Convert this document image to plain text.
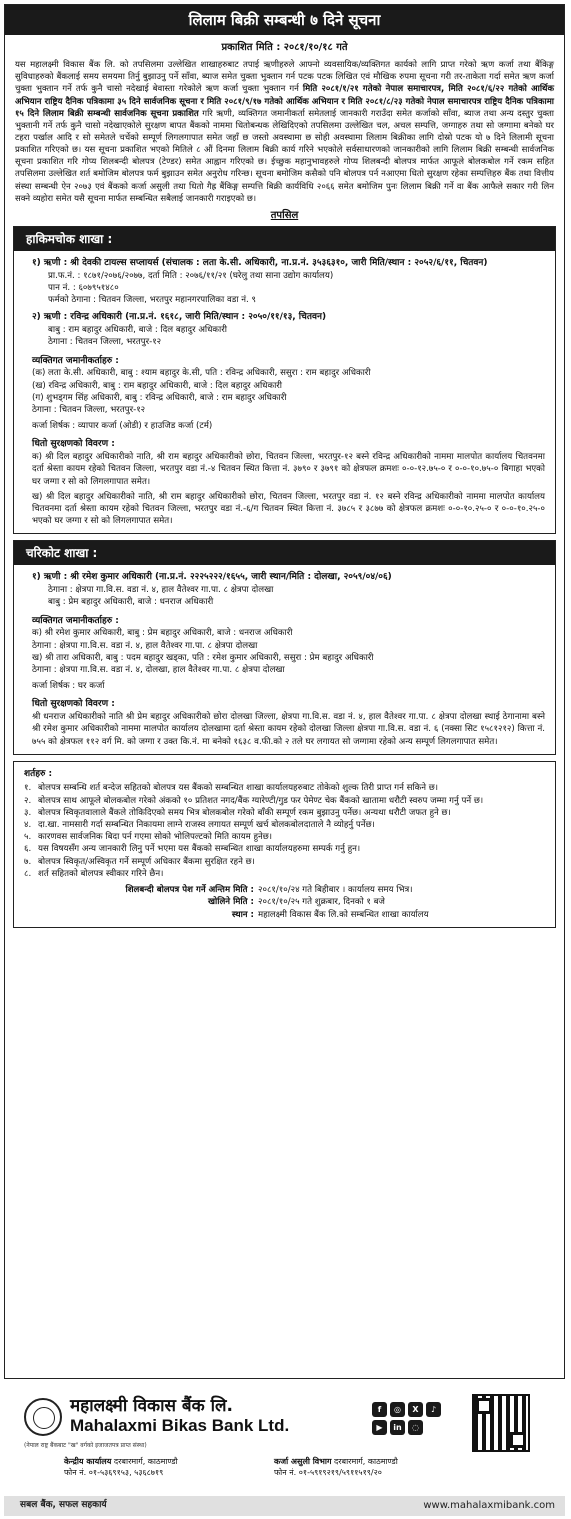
लिलाम बिक्री सम्बन्धी ७ दिने सूचना
प्रकाशित मिति : २०८१/१०/१८ गते
यस महालक्ष्मी विकास बैंक लि. को तपसिलमा उल्लेखित शाखाहरुबाट तपाई ऋणीहरुले आफ्नो व्यवसायिक/व्यक्तिगत कार्यको लागि प्राप्त गरेको ऋण कर्जा तथा बैंकिङ्ग सुविधाहरुको बैंकलाई समय समयमा तिर्नु बुझाउनु पर्ने साँवा, ब्याज समेत चुक्ता भुक्तान गर्न पटक पटक लिखित एवं मौखिक रुपमा सूचना गरी तर-ताकेता गर्दा समेत ऋण कर्जा चुक्ता भुक्तान गर्ने तर्फ कुनै चासो नदेखाई बेवास्ता गरेकोले ऋण कर्जा चुक्ता भुक्तान गर्न मिति २०८१/१/२१ गतेको नेपाल समाचारपत्र, मिति २०८१/६/२२ गतेको आर्थिक अभियान राष्ट्रिय दैनिक पत्रिकामा ३५ दिने सार्वजनिक सूचना र मिति २०८१/९/१७ गतेको आर्थिक अभियान र मिति २०८१/८/२३ गतेको नेपाल समाचारपत्र राष्ट्रिय दैनिक पत्रिकामा १५ दिने लिलाम बिक्री सम्बन्धी सार्वजनिक सूचना प्रकाशित गरि ऋणी, व्यक्तिगत जमानीकर्ता समेतलाई जानकारी गराउँदा समेत कर्जाको साँवा, ब्याज तथा अन्य दस्तुर चुक्ता भुक्तानी गर्ने तर्फ कुनै चासो नदेखाएकोले सुरक्षण बापत बैंकको नाममा धितोबन्धक लेखिदिएको तपसिलमा उल्लेखित चल, अचल सम्पत्ति, जग्गाहरु तथा सो जग्गामा बनेको घर टहरा पर्खाल आदि र सो समेतले चर्चेको सम्पूर्ण लिगलगापात समेत जहाँ छ जस्तो अवस्थामा छ सोही अवस्थामा लिलाम बिक्रीका लागि दोस्रो पटक यो ७ दिने लिलामी सूचना प्रकाशित गरिएको छ। यस सूचना प्रकाशित भएको मितिले ८ औं दिनमा लिलाम बिक्री कार्य गरिने भएकोले सर्वसाधारणको जानकारीको लागि लिलाम बिक्री सम्बन्धी सार्वजनिक सूचना प्रकाशित गरि गोप्य शिलबन्दी बोलपत्र (टेण्डर) समेत आह्वान गरिएको छ। ईच्छुक महानुभावहरुले गोप्य शिलबन्दी बोलपत्र मार्फत आफूले बोलकबोल गर्ने रकम सहित तपसिलमा उल्लेखित शर्त बमोजिम बोलपत्र फर्म बुझाउन समेत अनुरोध गरिन्छ। सूचना बमोजिम कसैको पनि बोलपत्र पर्न नआएमा धितो सुरक्षण रहेका सम्पत्तिहरु बैंक तथा वित्तीय संस्था सम्बन्धी ऐन २०७३ एवं बैंकको कर्जा असुली तथा धितो गैह्र बैंकिङ्ग सम्पत्ति बिक्री कार्यविधि २०६६ समेत बमोजिम पुनः लिलाम बिक्री गर्ने वा बैंक आफैले सकार गरी लिन सक्ने व्यहोरा समेत यसै सूचना मार्फत सम्बन्धित सबैलाई जानकारी गराइएको छ।
तपसिल
हाकिमचोक शाखा :
१) ऋणी : श्री देवकी टायल्स सप्लायर्स (संचालक : लता के.सी. अधिकारी, ना.प्र.नं. ३५३६३१०, जारी मिति/स्थान : २०५२/६/११, चितवन)
प्रा.फ.नं. : १८७१/२०७६/२०७७, दर्ता मिति : २०७६/११/२१ (घरेलु तथा साना उद्योग कार्यालय)
पान नं. : ६०७९५१४८०
फर्मको ठेगाना : चितवन जिल्ला, भरतपुर महानगरपालिका वडा नं. ९
२) ऋणी : रविन्द्र अधिकारी (ना.प्र.नं. १६१८, जारी मिति/स्थान : २०५०/११/१३, चितवन)
बाबु : राम बहादुर अधिकारी, बाजे : दिल बहादुर अधिकारी
ठेगाना : चितवन जिल्ला, भरतपुर-१२
व्यक्तिगत जमानीकर्ताहरु :
(क) लता के.सी. अधिकारी, बाबु : श्याम बहादुर के.सी, पति : रविन्द्र अधिकारी, ससुरा : राम बहादुर अधिकारी
(ख) रविन्द्र अधिकारी, बाबु : राम बहादुर अधिकारी, बाजे : दिल बहादुर अधिकारी
(ग) शुभड्गम सिंह अधिकारी, बाबु : रविन्द्र अधिकारी, बाजे : राम बहादुर अधिकारी
ठेगाना : चितवन जिल्ला, भरतपुर-१२
कर्जा शिर्षक : व्यापार कर्जा (ओडी) र हाउजिड कर्जा (टर्म)
धितो सुरक्षणको विवरण :
क) श्री दिल बहादुर अधिकारीको नाति, श्री राम बहादुर अधिकारीको छोरा, चितवन जिल्ला, भरतपुर-१२ बस्ने रविन्द्र अधिकारीको नाममा मालपोत कार्यालय चितवनमा दर्ता श्रेस्ता कायम रहेको चितवन जिल्ला, भरतपुर वडा नं.-४ चितवन स्थित कित्ता नं. ३७९० र ३७९१ को क्षेत्रफल क्रमशः ०-०-१२.७५-० र ०-०-१०.७५-० बिगाहा भएको घर जग्गा र सो को लिगलगापात समेत।
ख) श्री दिल बहादुर अधिकारीको नाति, श्री राम बहादुर अधिकारीको छोरा, चितवन जिल्ला, भरतपुर वडा नं. १२ बस्ने रविन्द्र अधिकारीको नाममा मालपोत कार्यालय चितवनमा दर्ता श्रेस्ता कायम रहेको चितवन जिल्ला, भरतपुर वडा नं.-६/ग चितवन स्थित कित्ता नं. ३७८५ र ३८७७ को क्षेत्रफल क्रमशः ०-०-१०.२५-० र ०-०-१०.२५-० भएको घर जग्गा र सो को लिगलगापात समेत।
चरिकोट शाखा :
१) ऋणी : श्री रमेश कुमार अधिकारी (ना.प्र.नं. २२२५२२२/१६५५, जारी स्थान/मिति : दोलखा, २०५९/०४/०६)
ठेगाना : क्षेत्रपा गा.वि.स. वडा नं. ४, हाल वैतेश्वर गा.पा. ८ क्षेत्रपा दोलखा
बाबु : प्रेम बहादुर अधिकारी, बाजे : धनराज अधिकारी
व्यक्तिगत जमानीकर्ताहरु :
क) श्री रमेश कुमार अधिकारी, बाबु : प्रेम बहादुर अधिकारी, बाजे : धनराज अधिकारी
ठेगाना : क्षेत्रपा गा.वि.स. वडा नं. ४, हाल वैतेश्वर गा.पा. ८ क्षेत्रपा दोलखा
ख) श्री तारा अधिकारी, बाबु : पदम बहादुर खड्का, पति : रमेश कुमार अधिकारी, ससुरा : प्रेम बहादुर अधिकारी
ठेगाना : क्षेत्रपा गा.वि.स. वडा नं. ४, दोलखा, हाल वैतेश्वर गा.पा. ८ क्षेत्रपा दोलखा
कर्जा शिर्षक : घर कर्जा
धितो सुरक्षणको विवरण :
श्री धनराज अधिकारीको नाति श्री प्रेम बहादुर अधिकारीको छोरा दोलखा जिल्ला, क्षेत्रपा गा.वि.स. वडा नं. ४, हाल वैतेश्वर गा.पा. ८ क्षेत्रपा दोलखा स्थाई ठेगानामा बस्ने श्री रमेश कुमार अधिकारीको नाममा मालपोत कार्यालय दोलखामा दर्ता श्रेस्ता कायम रहेको दोलखा जिल्ला क्षेत्रपा गा.वि.स. वडा नं. ६ (नक्सा सिट १५८१२१२) कित्ता नं. ७५५ को क्षेत्रफल ११२ वर्ग मि. को जग्गा र उक्त कि.नं. मा बनेको १६३८ व.फी.को २ तले घर लगायत सो जग्गामा रहेको अन्य सम्पूर्ण लिगलगापात समेत।
शर्तहरु :
१. बोलपत्र सम्बन्धि शर्त बन्देज सहितको बोलपत्र यस बैंकको सम्बन्धित शाखा कार्यालयहरुबाट तोकेको शुल्क तिरी प्राप्त गर्न सकिने छ।
२. बोलपत्र साथ आफूले बोलकबोल गरेको अंकको १० प्रतिशत नगद/बैंक ग्यारेण्टी/गुड फर पेमेण्ट चेक बैंकको खातामा धरौटी स्वरुप जम्मा गर्नु पर्ने छ।
३. बोलपत्र स्विकृतवालाले बैंकले तोकिदिएको समय भित्र बोलकबोल गरेको बाँकी सम्पूर्ण रकम बुझाउनु पर्नेछ। अन्यथा धरौटी जफत हुने छ।
४. दा.खा. नामसारी गर्दा सम्बन्धित निकायमा लाग्ने राजस्व लगायत सम्पूर्ण खर्च बोलकबोलदाताले नै व्योहर्नु पर्नेछ।
५. कारणवस सार्वजनिक बिदा पर्न गएमा सोको भोलिपल्टको मिति कायम हुनेछ।
६. यस विषयसँग अन्य जानकारी लिनु पर्ने भएमा यस बैंकको सम्बन्धित शाखा कार्यालयहरुमा सम्पर्क गर्नु हुन।
७. बोलपत्र स्विकृत/अस्विकृत गर्ने सम्पूर्ण अधिकार बैंकमा सुरक्षित रहने छ।
८. शर्त सहितको बोलपत्र स्वीकार गरिने छैन।
शिलबन्दी बोलपत्र पेश गर्ने अन्तिम मिति : २०८१/१०/२४ गते बिहीबार । कार्यालय समय भित्र।
खोलिने मिति : २०८१/१०/२५ गते शुक्रबार, दिनको १ बजे
स्थान : महालक्ष्मी विकास बैंक लि.को सम्बन्धित शाखा कार्यालय
महालक्ष्मी विकास बैंक लि.
Mahalaxmi Bikas Bank Ltd.
(नेपाल राष्ट्र बैंकबाट "ख" वर्गको इजाजतपत्र प्राप्त संस्था)
केन्द्रीय कार्यालय दरबारमार्ग, काठमाण्डौ
फोन नं. ०१-५३६९१५३, ५३६८७१९
कर्जा असुली विभाग दरबारमार्ग, काठमाण्डौ
फोन नं. ०१-५९१९२१९/५९११५१९/२०
f	◎	X	♪
▶	in	◌
सबल बैंक, सफल सहकार्य	www.mahalaxmibank.com
